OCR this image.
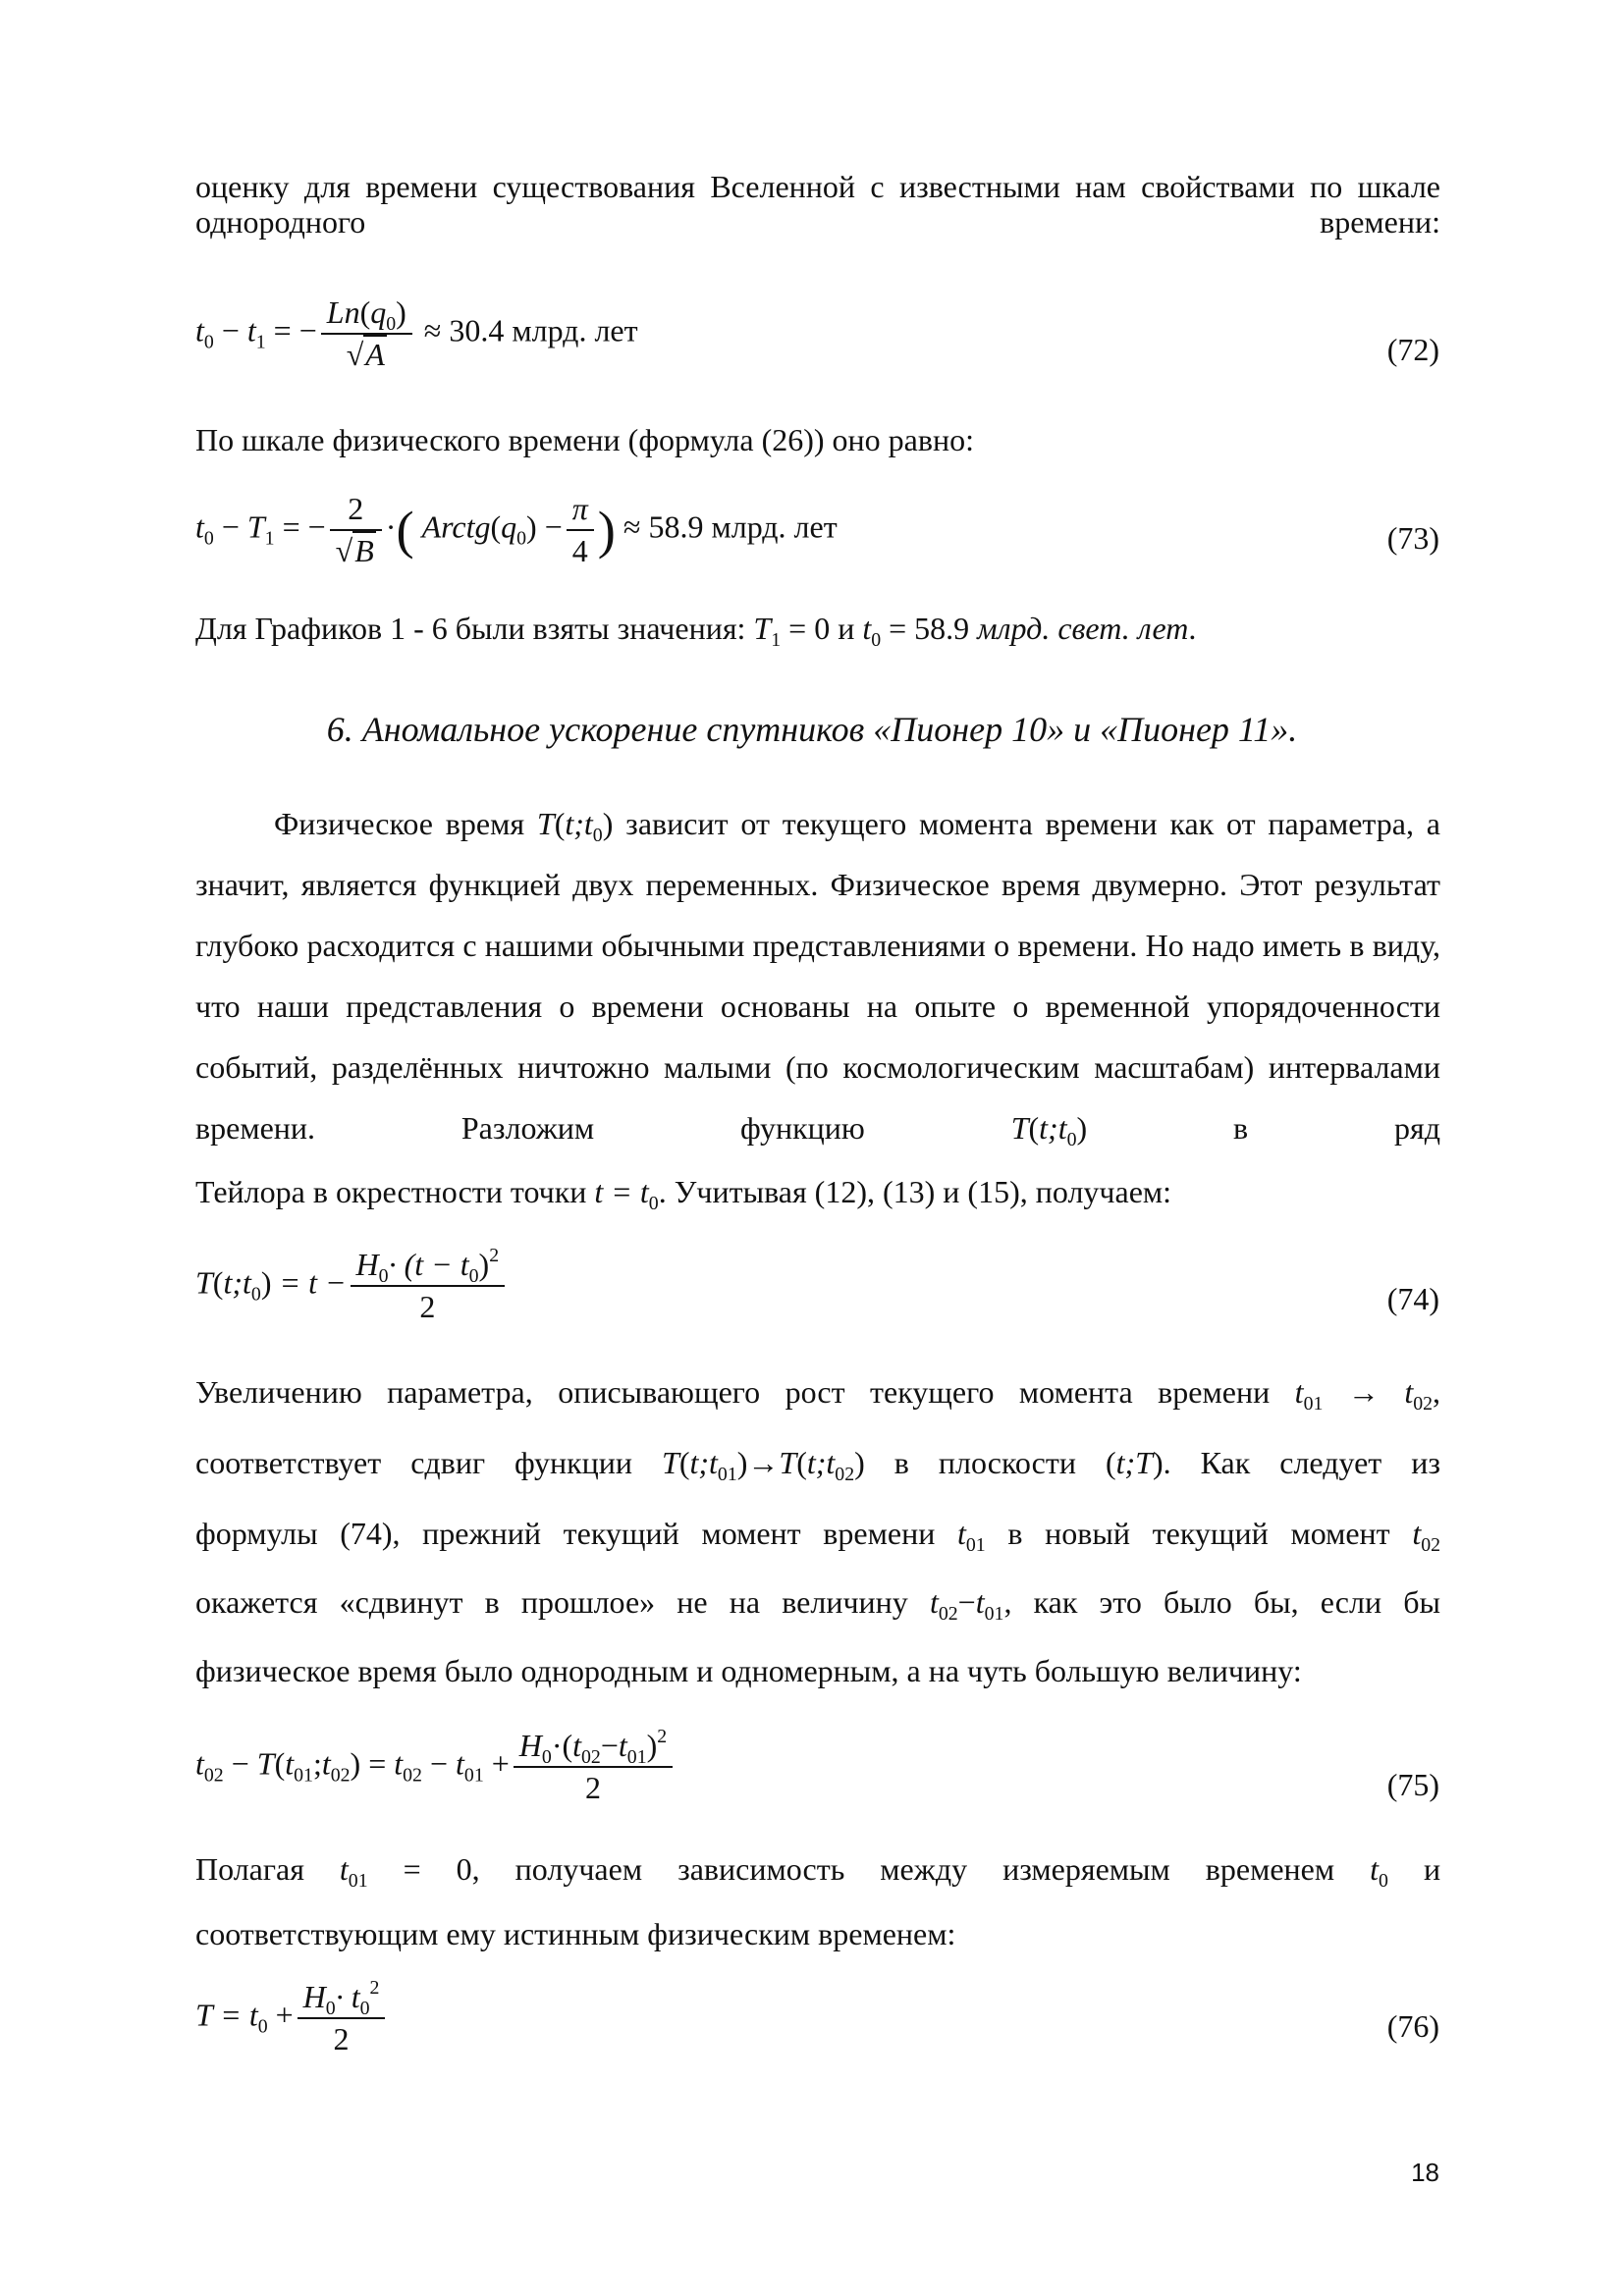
оценку для времени существования Вселенной с известными нам свойствами по шкале однородного времени:
$t_0 - t_1$ = − $\frac{Ln(q_0)}{√A} \approx 30.4$ млрд. лет
(72)
По шкале физического времени (формула (26)) оно равно:
$t_0 - T_1$ = − $\frac{2}{√B}$ ·( $Arctg(q_0) - \frac{\pi}{4}$ ) ≈ 58.9 млрд. лет	(73)
Для Графиков 1 - 6 были взяты значения: $T_1 = 0$ и $t_0 = 58.9$ млрд. свет. лет.
6. Аномальное ускорение спутников «Пионер 10» и «Пионер 11».
Физическое время $T(t;t_0)$ зависит от текущего момента времени как от параметра, а значит, является функцией двух переменных. Физическое время двумерно. Этот результат глубоко расходится с нашими обычными представлениями о времени. Но надо иметь в виду, что наши представления о времени основаны на опыте о временной упорядоченности событий, разделённых ничтожно малыми (по космологическим масштабам) интервалами времени. Разложим функцию	$T(t;t_0)$ в ряд
Тейлора в окрестности точки $t = t_0$. Учитывая (12), (13) и (15), получаем:
$T(t;t_0) = t - \frac{H_0\cdot (t - t_0)^2}{2}$	(74)
Увеличению параметра, описывающего рост текущего момента времени $t_{01} \to t_{02}$,
соответствует сдвиг функции $T(t;t_{01})\to T(t;t_{02})$ в плоскости (t;T). Как следует из
формулы (74), прежний текущий момент времени $t_{01}$ в новый текущий момент $t_{02}$
окажется «сдвинут в прошлое» не на величину $t_{02}-t_{01}$, как это было бы, если бы
физическое время было однородным и одномерным, а на чуть большую величину:
$t_{02}$ − $T(t_{01};t_{02}) = t_{02} - t_{01} + \frac{H_0\cdot(t_{02}-t_{01})^2}{2}$	(75)
Полагая $t_{01} = 0$, получаем зависимость между измеряемым временем $t_0$ и
соответствующим ему истинным физическим временем:
$T = t_0 + \frac{H_0\cdot t_0^2}{2}$	(76)
18
